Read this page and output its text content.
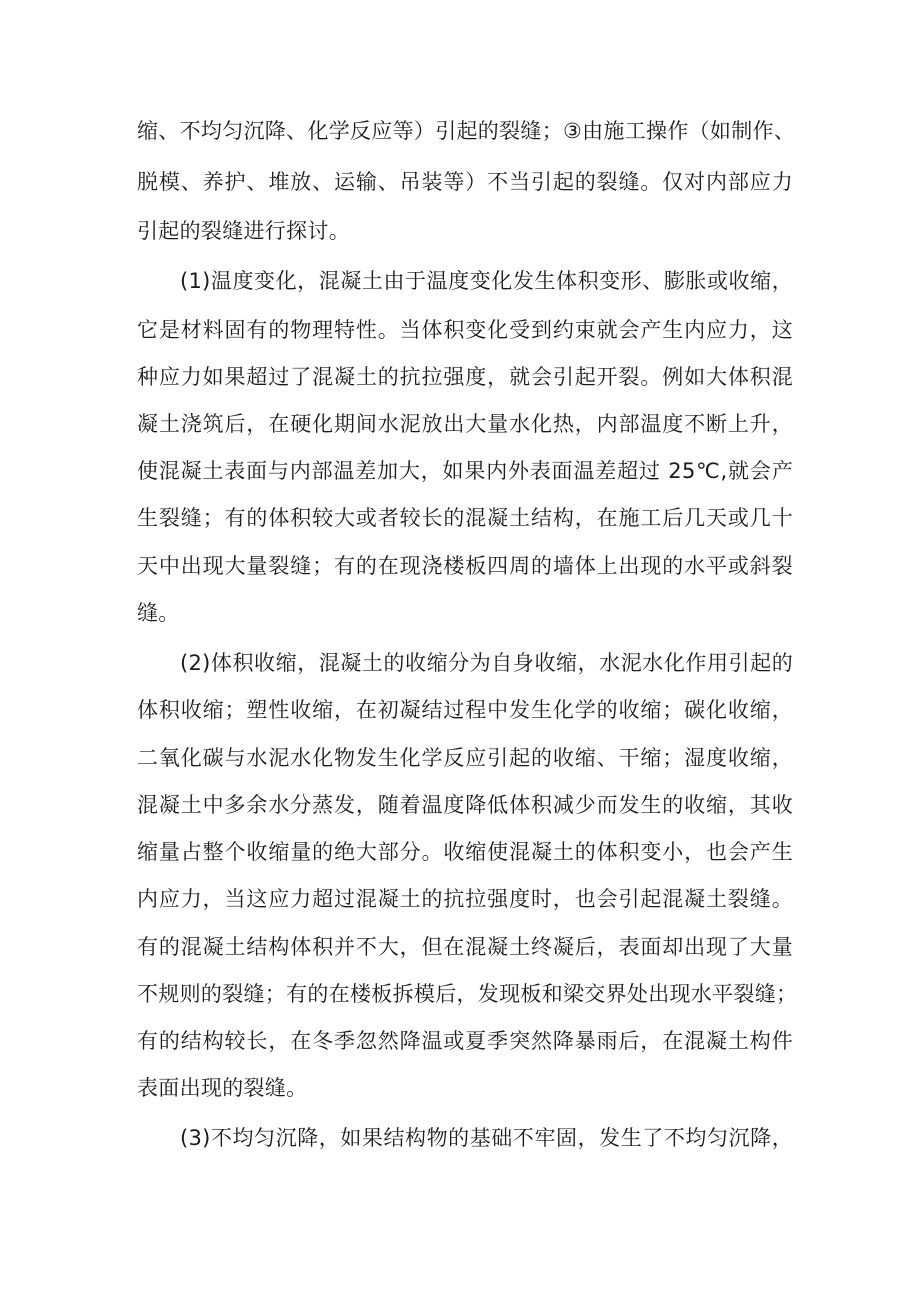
缩、不均匀沉降、化学反应等）引起的裂缝；③由施工操作（如制作、
脱模、养护、堆放、运输、吊装等）不当引起的裂缝。仅对内部应力
引起的裂缝进行探讨。
(1)温度变化，混凝土由于温度变化发生体积变形、膨胀或收缩，
它是材料固有的物理特性。当体积变化受到约束就会产生内应力，这
种应力如果超过了混凝土的抗拉强度，就会引起开裂。例如大体积混
凝土浇筑后，在硬化期间水泥放出大量水化热，内部温度不断上升，
使混凝土表面与内部温差加大，如果内外表面温差超过 25℃,就会产
生裂缝；有的体积较大或者较长的混凝土结构，在施工后几天或几十
天中出现大量裂缝；有的在现浇楼板四周的墙体上出现的水平或斜裂
缝。
(2)体积收缩，混凝土的收缩分为自身收缩，水泥水化作用引起的
体积收缩；塑性收缩，在初凝结过程中发生化学的收缩；碳化收缩，
二氧化碳与水泥水化物发生化学反应引起的收缩、干缩；湿度收缩，
混凝土中多余水分蒸发，随着温度降低体积减少而发生的收缩，其收
缩量占整个收缩量的绝大部分。收缩使混凝土的体积变小，也会产生
内应力，当这应力超过混凝土的抗拉强度时，也会引起混凝土裂缝。
有的混凝土结构体积并不大，但在混凝土终凝后，表面却出现了大量
不规则的裂缝；有的在楼板拆模后，发现板和梁交界处出现水平裂缝；
有的结构较长，在冬季忽然降温或夏季突然降暴雨后，在混凝土构件
表面出现的裂缝。
(3)不均匀沉降，如果结构物的基础不牢固，发生了不均匀沉降，
